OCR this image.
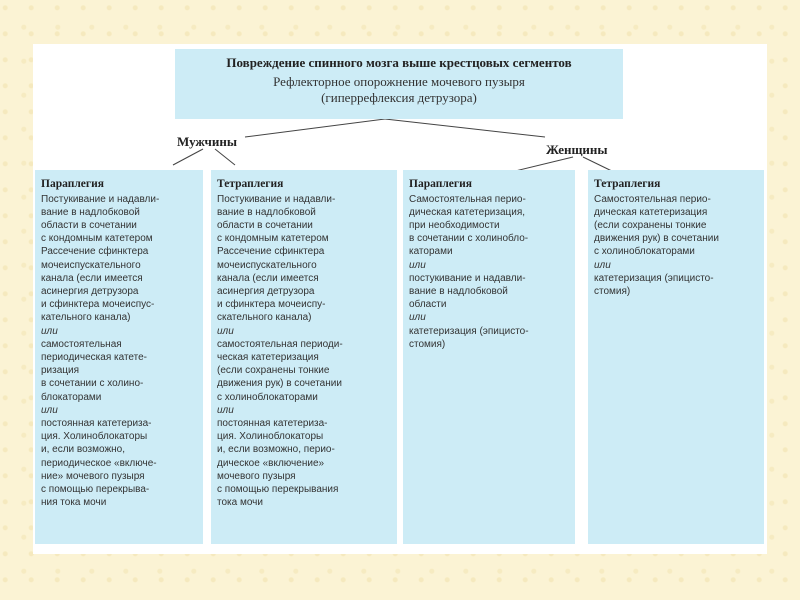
Повреждение спинного мозга выше крестцовых сегментов
Рефлекторное опорожнение мочевого пузыря
(гиперрефлексия детрузора)
Мужчины
Женщины
Параплегия
Постукивание и надавли-
вание в надлобковой
области в сочетании
с кондомным катетером
Рассечение сфинктера
мочеиспускательного
канала (если имеется
асинергия детрузора
и сфинктера мочеиспус-
кательного канала)
или
самостоятельная
периодическая катете-
ризация
в сочетании с холино-
блокаторами
или
постоянная катетериза-
ция. Холиноблокаторы
и, если возможно,
периодическое «включе-
ние» мочевого пузыря
с помощью перекрыва-
ния тока мочи
Тетраплегия
Постукивание и надавли-
вание в надлобковой
области в сочетании
с кондомным катетером
Рассечение сфинктера
мочеиспускательного
канала (если имеется
асинергия детрузора
и сфинктера мочеиспу-
скательного канала)
или
самостоятельная периоди-
ческая катетеризация
(если сохранены тонкие
движения рук) в сочетании
с холиноблокаторами
или
постоянная катетериза-
ция. Холиноблокаторы
и, если возможно, перио-
дическое «включение»
мочевого пузыря
с помощью перекрывания
тока мочи
Параплегия
Самостоятельная перио-
дическая катетеризация,
при необходимости
в сочетании с холинобло-
каторами
или
постукивание и надавли-
вание в надлобковой
области
или
катетеризация (эпицисто-
стомия)
Тетраплегия
Самостоятельная перио-
дическая катетеризация
(если сохранены тонкие
движения рук) в сочетании
с холиноблокаторами
или
катетеризация (эпицисто-
стомия)
